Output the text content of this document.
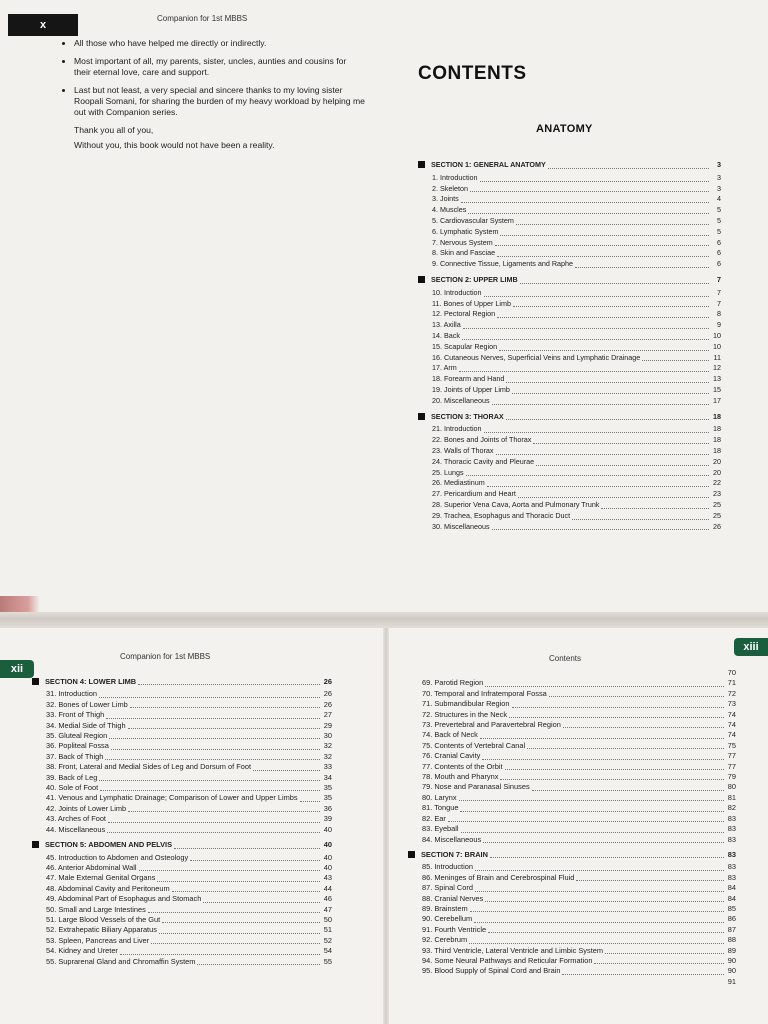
x
Companion for 1st MBBS
• All those who have helped me directly or indirectly.
• Most important of all, my parents, sister, uncles, aunties and cousins for their eternal love, care and support.
• Last but not least, a very special and sincere thanks to my loving sister Roopali Somani, for sharing the burden of my heavy workload by helping me out with Companion series.

Thank you all of you,

Without you, this book would not have been a reality.

CONTENTS
ANATOMY
SECTION 1: GENERAL ANATOMY	3
1. Introduction	3
2. Skeleton	3
3. Joints	4
4. Muscles	5
5. Cardiovascular System	5
6. Lymphatic System	5
7. Nervous System	6
8. Skin and Fasciae	6
9. Connective Tissue, Ligaments and Raphe	6
SECTION 2: UPPER LIMB	7
10. Introduction	7
11. Bones of Upper Limb	7
12. Pectoral Region	8
13. Axilla	9
14. Back	10
15. Scapular Region	10
16. Cutaneous Nerves, Superficial Veins and Lymphatic Drainage	11
17. Arm	12
18. Forearm and Hand	13
19. Joints of Upper Limb	15
20. Miscellaneous	17
SECTION 3: THORAX	18
21. Introduction	18
22. Bones and Joints of Thorax	18
23. Walls of Thorax	18
24. Thoracic Cavity and Pleurae	20
25. Lungs	20
26. Mediastinum	22
27. Pericardium and Heart	23
28. Superior Vena Cava, Aorta and Pulmonary Trunk	25
29. Trachea, Esophagus and Thoracic Duct	25
30. Miscellaneous	26
xii
Companion for 1st MBBS
SECTION 4: LOWER LIMB	26
31. Introduction	26
32. Bones of Lower Limb	26
33. Front of Thigh	27
34. Medial Side of Thigh	29
35. Gluteal Region	30
36. Popliteal Fossa	32
37. Back of Thigh	32
38. Front, Lateral and Medial Sides of Leg and Dorsum of Foot	33
39. Back of Leg	34
40. Sole of Foot	35
41. Venous and Lymphatic Drainage; Comparison of Lower and Upper Limbs	35
42. Joints of Lower Limb	36
43. Arches of Foot	39
44. Miscellaneous	40
SECTION 5: ABDOMEN AND PELVIS	40
45. Introduction to Abdomen and Osteology	40
46. Anterior Abdominal Wall	40
47. Male External Genital Organs	43
48. Abdominal Cavity and Peritoneum	44
49. Abdominal Part of Esophagus and Stomach	46
50. Small and Large Intestines	47
51. Large Blood Vessels of the Gut	50
52. Extrahepatic Biliary Apparatus	51
53. Spleen, Pancreas and Liver	52
54. Kidney and Ureter	54
55. Suprarenal Gland and Chromaffin System	55
xiii
Contents
70
69. Parotid Region	71
70. Temporal and Infratemporal Fossa	72
71. Submandibular Region	73
72. Structures in the Neck	74
73. Prevertebral and Paravertebral Region	74
74. Back of Neck	74
75. Contents of Vertebral Canal	75
76. Cranial Cavity	77
77. Contents of the Orbit	77
78. Mouth and Pharynx	79
79. Nose and Paranasal Sinuses	80
80. Larynx	81
81. Tongue	82
82. Ear	83
83. Eyeball	83
84. Miscellaneous	83
SECTION 7: BRAIN	83
85. Introduction	83
86. Meninges of Brain and Cerebrospinal Fluid	83
87. Spinal Cord	84
88. Cranial Nerves	84
89. Brainstem	85
90. Cerebellum	86
91. Fourth Ventricle	87
92. Cerebrum	88
93. Third Ventricle, Lateral Ventricle and Limbic System	89
94. Some Neural Pathways and Reticular Formation	90
95. Blood Supply of Spinal Cord and Brain	90
91
